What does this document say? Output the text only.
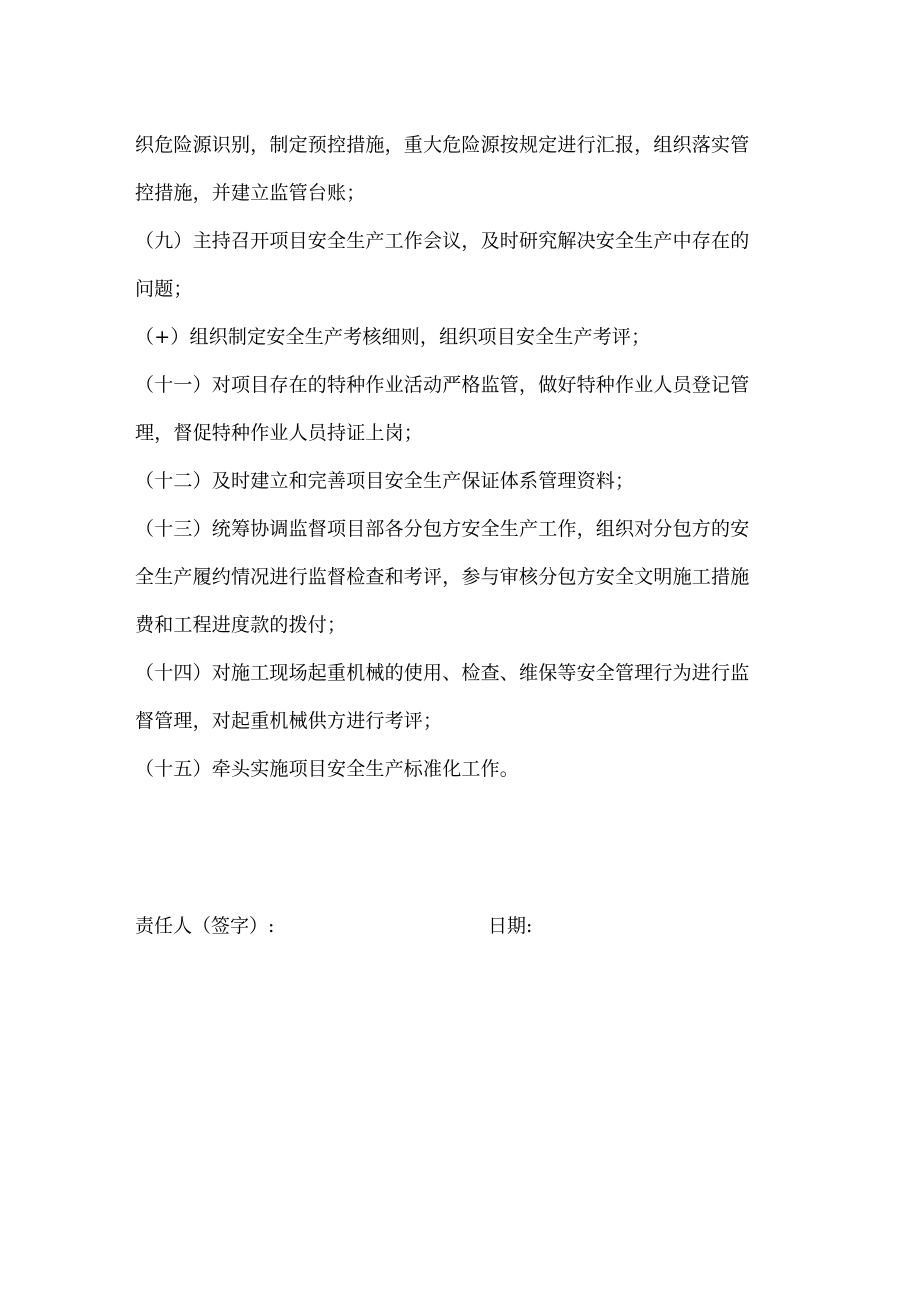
织危险源识别，制定预控措施，重大危险源按规定进行汇报，组织落实管
控措施，并建立监管台账；
（九）主持召开项目安全生产工作会议，及时研究解决安全生产中存在的
问题；
（+）组织制定安全生产考核细则，组织项目安全生产考评；
（十一）对项目存在的特种作业活动严格监管，做好特种作业人员登记管
理，督促特种作业人员持证上岗；
（十二）及时建立和完善项目安全生产保证体系管理资料；
（十三）统筹协调监督项目部各分包方安全生产工作，组织对分包方的安
全生产履约情况进行监督检查和考评，参与审核分包方安全文明施工措施
费和工程进度款的拨付；
（十四）对施工现场起重机械的使用、检查、维保等安全管理行为进行监
督管理，对起重机械供方进行考评；
（十五）牵头实施项目安全生产标准化工作。
责任人（签字）:	日期:
